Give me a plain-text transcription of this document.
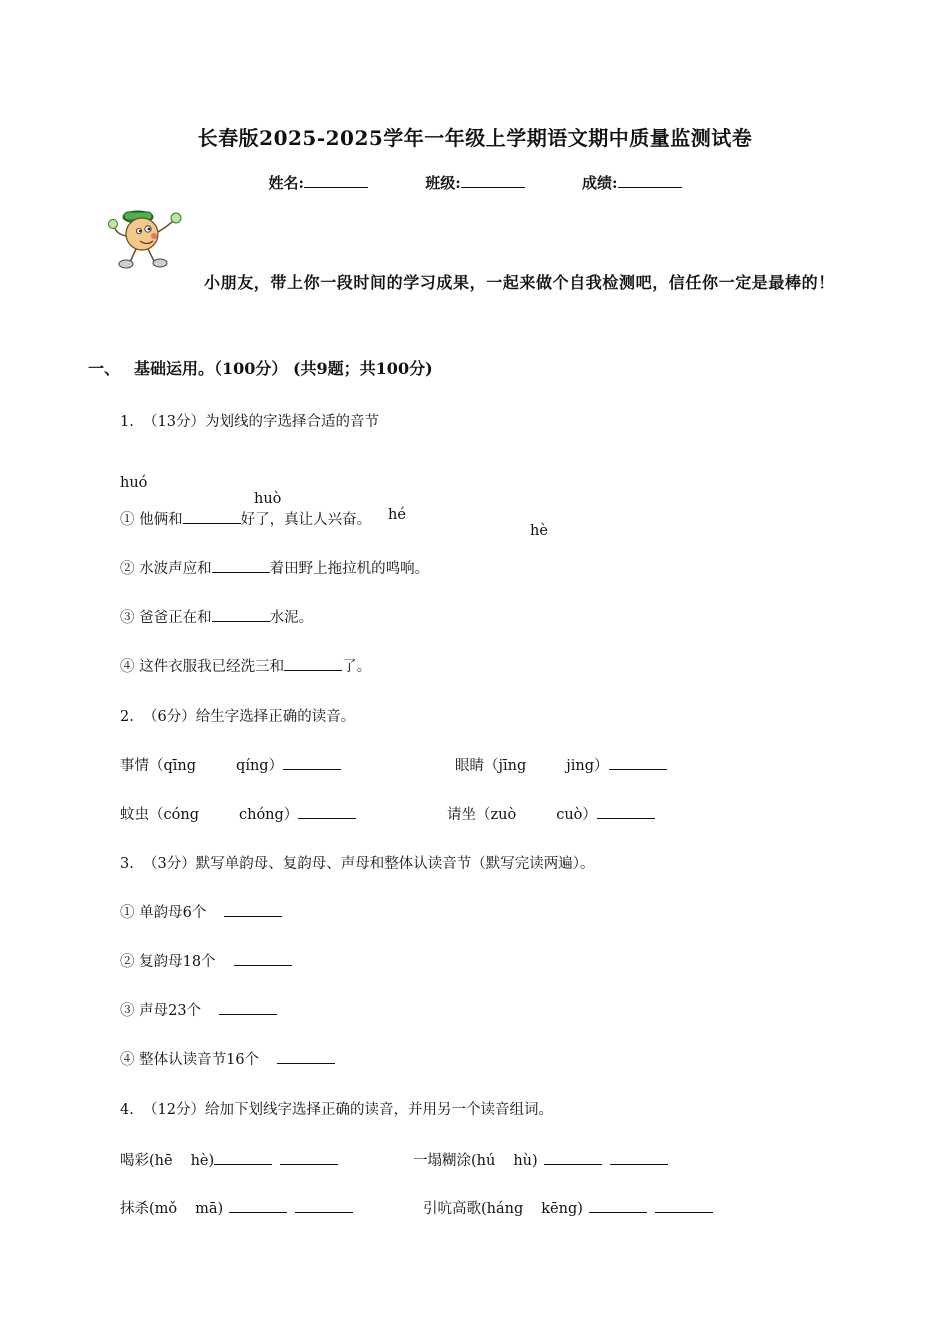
长春版2025-2025学年一年级上学期语文期中质量监测试卷
姓名:	班级:	成绩:
小朋友，带上你一段时间的学习成果，一起来做个自我检测吧，信任你一定是最棒的！
一、 基础运用。（100分） (共9题；共100分)
1.  （13分）为划线的字选择合适的音节

huó

huò

hé

hè

① 他俩和	好了，真让人兴奋。
② 水波声应和	着田野上拖拉机的鸣响。
③ 爸爸正在和	水泥。
④ 这件衣服我已经洗三和	了。
2.  （6分）给生字选择正确的读音。
事情（qīng	qíng）	眼睛（jīng	jing）
蚊虫（cóng	chóng）	请坐（zuò	cuò）
3.  （3分）默写单韵母、复韵母、声母和整体认读音节（默写完读两遍）。
① 单韵母6个
② 复韵母18个
③ 声母23个
④ 整体认读音节16个
4.  （12分）给加下划线字选择正确的读音，并用另一个读音组词。
喝彩(hē hè)	一塌糊涂(hú hù)
抹杀(mǒ mā)	引吭高歌(háng kēng)
